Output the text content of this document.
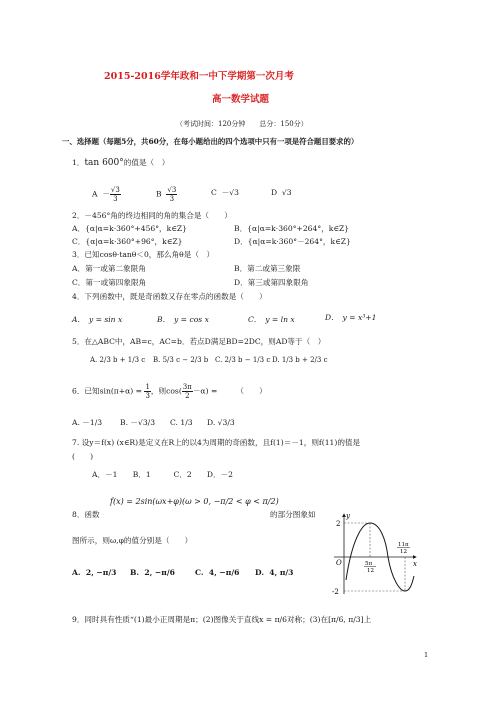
2015-2016学年政和一中下学期第一次月考
高一数学试题
（考试时间：120分钟　　总分：150分）
一、选择题（每题5分，共60分，在每小题给出的四个选项中只有一项是符合题目要求的）
1．tan 600°的值是（　）
$A - \frac{√3}{3}$	B $\frac{√3}{3}$	C －√3	D √3
2．－456°角的终边相同的角的集合是（　　）
A．{α|α=k·360°+456°，k∈Z}	B．{α|α=k·360°+264°，k∈Z}
C．{α|α=k·360°+96°，k∈Z}	D．{α|α=k·360°－264°，k∈Z}
3．已知cosθ·tanθ＜0，那么角θ是（　）
A．第一或第二象限角	B．第二或第三象限
C．第一或第四象限角	D．第三或第四象限角
4．下列函数中，既是奇函数又存在零点的函数是（　　）
A．　y = sin x	B．　y = cos x	C．　y = ln x	D．　y = x³+1
5．在△ABC中，AB=c，AC=b．若点D满足BD=2DC，则AD等于（　）
A. 2/3 b + 1/3 c B. 5/3 c − 2/3 b C. 2/3 b − 1/3 c D. 1/3 b + 2/3 c
6．已知$\sin(\pi+\alpha) = \frac{1}{3}$ ，则$\cos( \frac{3\pi}{2} -\alpha)$ =　　　（　　）
A. －1/3 B. －√3/3 C. 1/3 D. √3/3
7. 设y＝f(x) (x∈R)是定义在R上的以4为周期的奇函数，且f(1)＝－1，则f(11)的值是
(　　)
A．－1　　B．1　　　C．2　　D．－2
8．函数
f(x) = 2sin(ωx+φ)(ω > 0, −π/2 < φ < π/2)
的部分图象如
图所示，则ω,φ的值分别是（　　）
A.  2, −π/3 B.  2, −π/6	C.  4, −π/6 D.  4, π/3
y
x
2
-2
O	5π
12
11π
12
9．同时具有性质“(1)最小正周期是π；(2)图像关于直线x = π/6对称；(3)在[π/6, π/3]上
1
